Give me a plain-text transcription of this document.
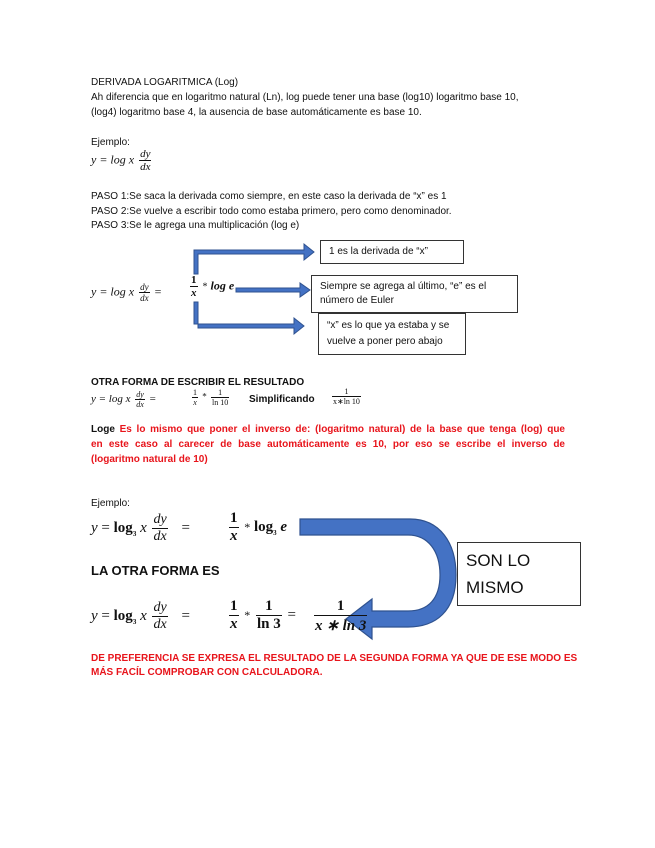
DERIVADA LOGARITMICA (Log)
Ah diferencia que en logaritmo natural (Ln), log puede tener una base (log10) logaritmo base 10,
(log4) logaritmo base 4, la ausencia de base automáticamente es base 10.
Ejemplo:
y = log x $\frac{dy}{dx}$
PASO 1:Se saca la derivada como siempre, en este caso la derivada de “x” es 1
PASO 2:Se vuelve a escribir todo como estaba primero, pero como denominador.
PASO 3:Se le agrega una multiplicación (log e)
y = log x $\frac{dy}{dx}$ =	$\frac{1}{x}$ * log e
1 es la derivada de “x”
Siempre se agrega al último, “e” es el
número de Euler
“x” es lo que ya estaba y se
vuelve a poner pero abajo
OTRA FORMA DE ESCRIBIR EL RESULTADO
y = log x $\frac{dy}{dx}$ =	$\frac{1}{x} * \frac{1}{\ln 10}$ Simplificando $\frac{1}{x∗\ln 10}$
Loge Es lo mismo que poner el inverso de: (logaritmo natural) de la base que tenga (log) que
en este caso al carecer de base automáticamente es 10, por eso se escribe el inverso de
(logaritmo natural de 10)
Ejemplo:
$y = \log_3 x \frac{dy}{dx}$ =	$\frac{1}{x} * \log_3 e$
SON LO
MISMO
LA OTRA FORMA ES
$y = \log_3 x \frac{dy}{dx}$ =	$\frac{1}{x} * \frac{1}{\ln 3} = \frac{1}{x ∗ \ln 3}$
DE PREFERENCIA SE EXPRESA EL RESULTADO DE LA SEGUNDA FORMA YA QUE DE ESE MODO ES
MÁS FACÍL COMPROBAR CON CALCULADORA.
